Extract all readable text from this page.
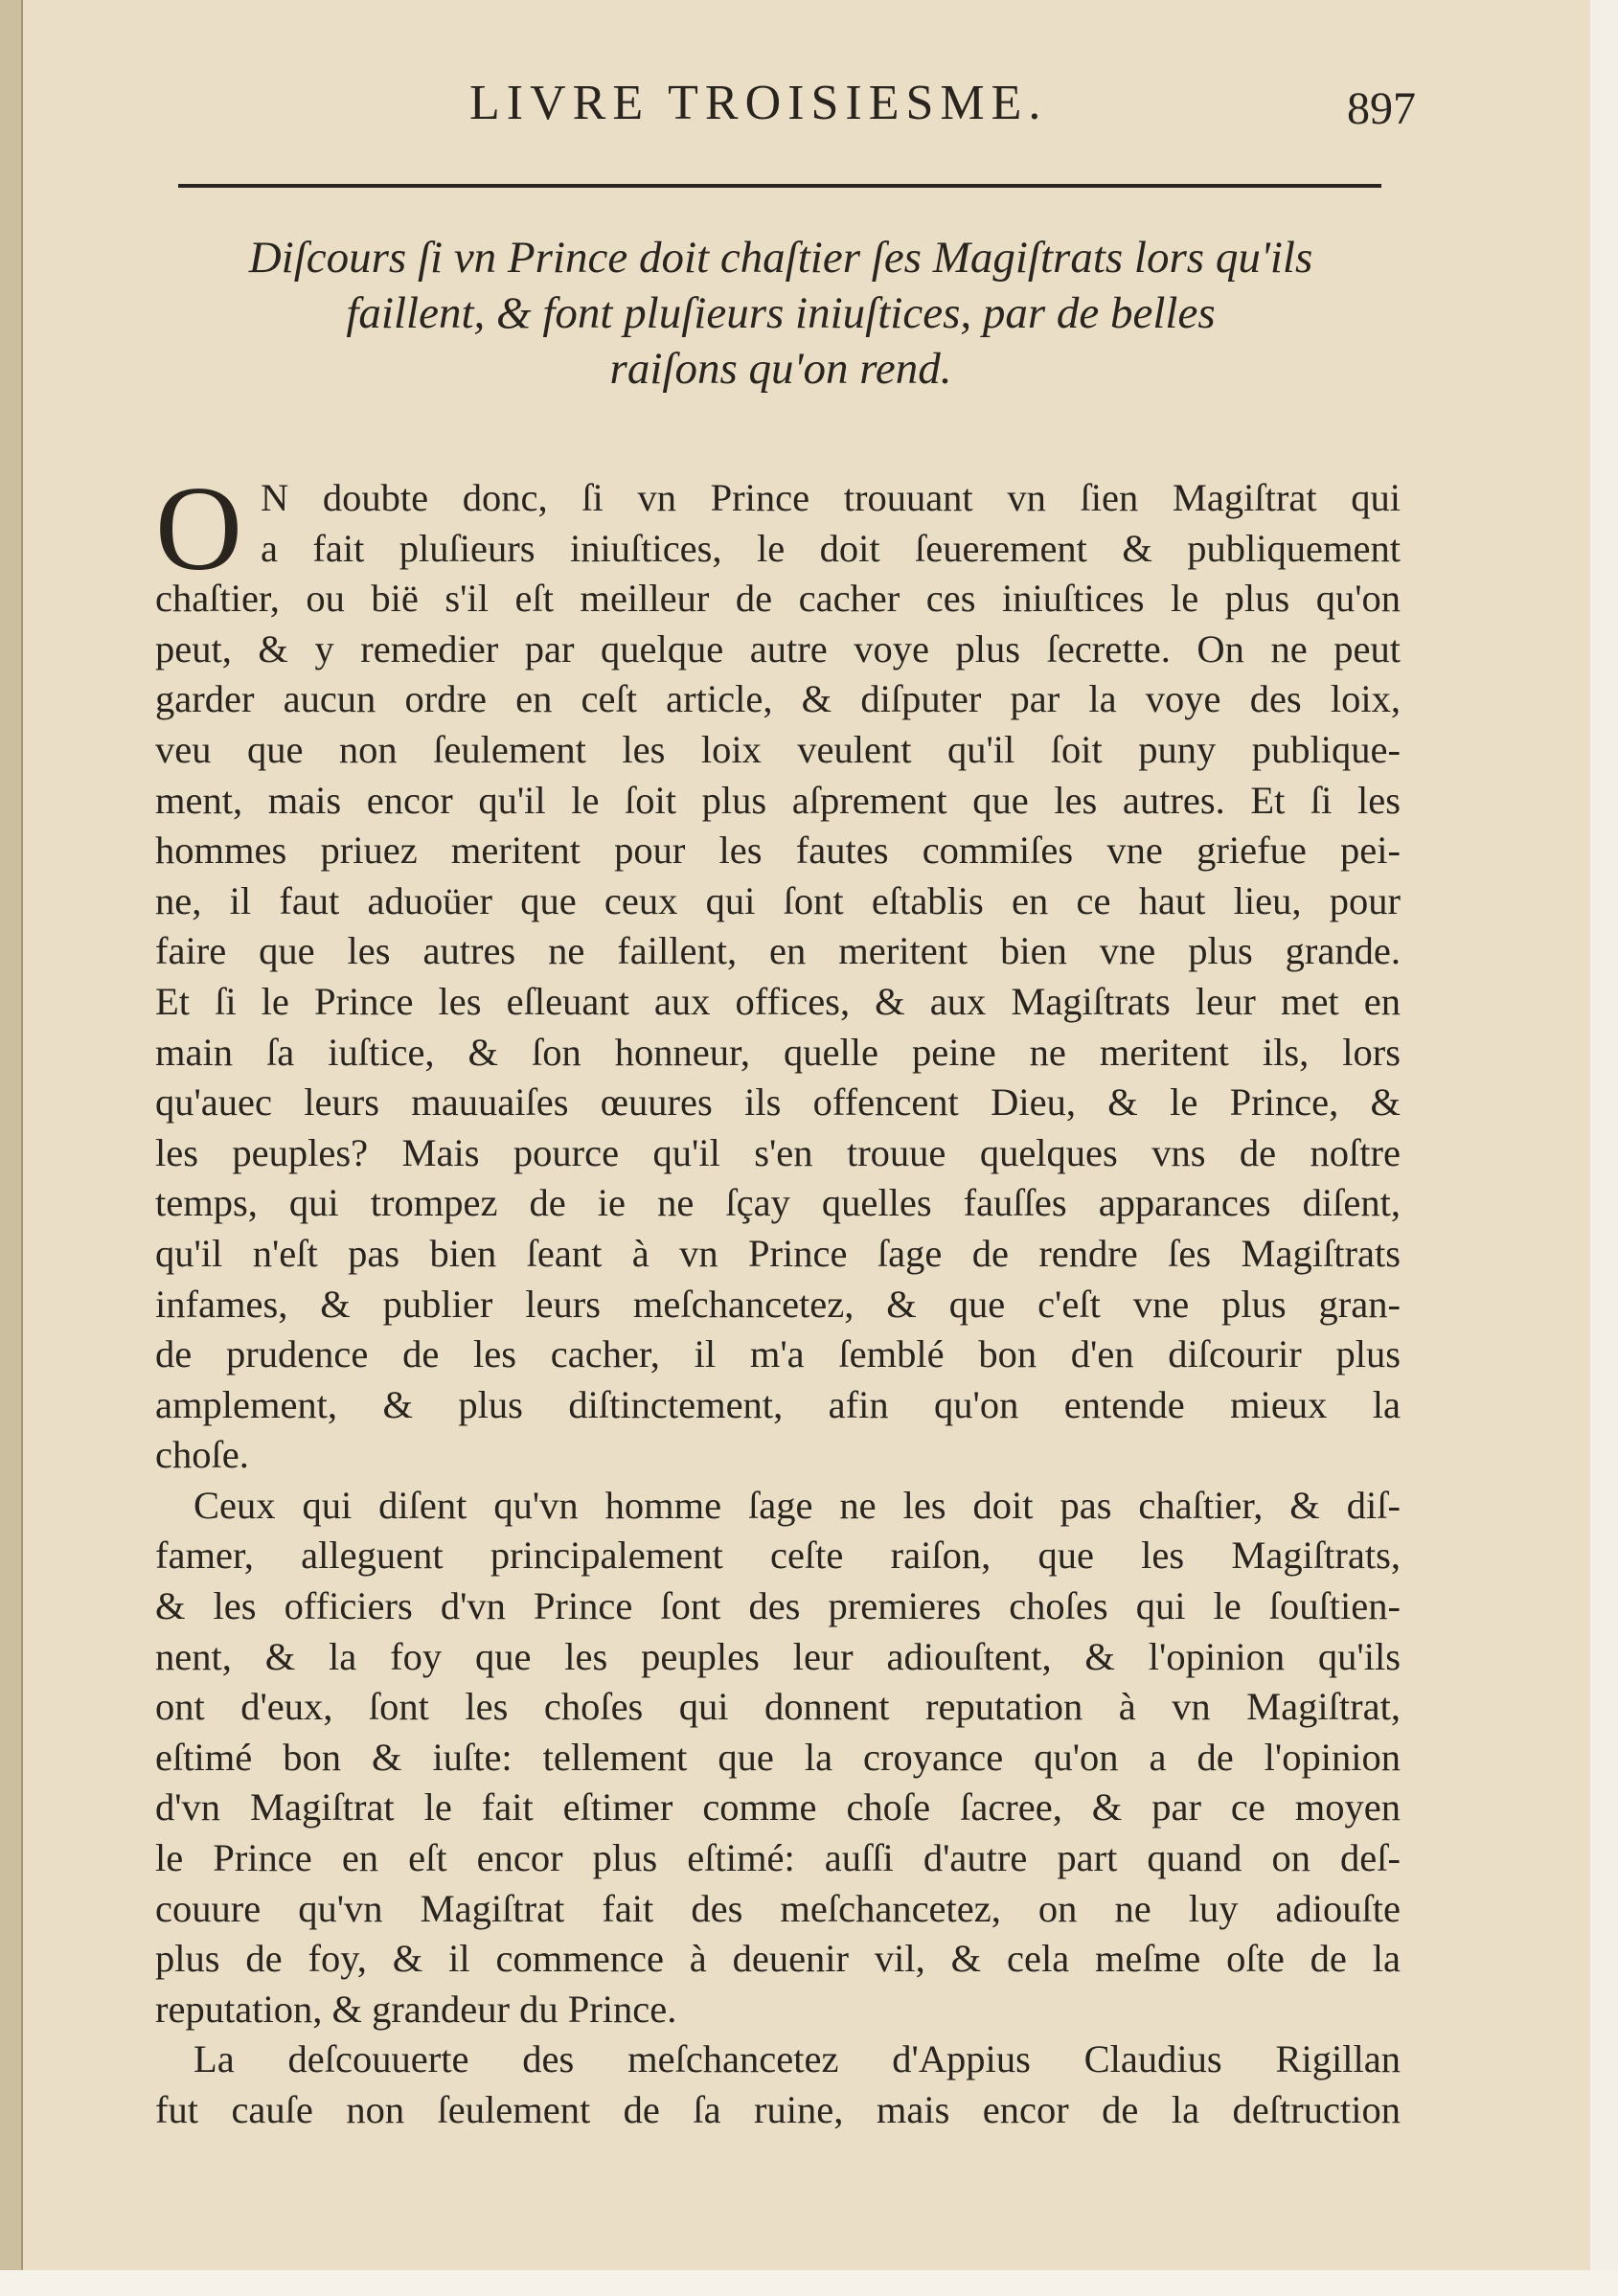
LIVRE TROISIESME.	897
Diſcours ſi vn Prince doit chaſtier ſes Magiſtrats lors qu'ils
faillent, & font pluſieurs iniuſtices, par de belles
raiſons qu'on rend.
O N doubte donc, ſi vn Prince trouuant vn ſien Magiſtrat qui
a fait pluſieurs iniuſtices, le doit ſeuerement & publiquement
chaſtier, ou bië s'il eſt meilleur de cacher ces iniuſtices le plus qu'on
peut, & y remedier par quelque autre voye plus ſecrette. On ne peut
garder aucun ordre en ceſt article, & diſputer par la voye des loix,
veu que non ſeulement les loix veulent qu'il ſoit puny publique-
ment, mais encor qu'il le ſoit plus aſprement que les autres. Et ſi les
hommes priuez meritent pour les fautes commiſes vne griefue pei-
ne, il faut aduoüer que ceux qui ſont eſtablis en ce haut lieu, pour
faire que les autres ne faillent, en meritent bien vne plus grande.
Et ſi le Prince les eſleuant aux offices, & aux Magiſtrats leur met en
main ſa iuſtice, & ſon honneur, quelle peine ne meritent ils, lors
qu'auec leurs mauuaiſes œuures ils offencent Dieu, & le Prince, &
les peuples? Mais pource qu'il s'en trouue quelques vns de noſtre
temps, qui trompez de ie ne ſçay quelles fauſſes apparances diſent,
qu'il n'eſt pas bien ſeant à vn Prince ſage de rendre ſes Magiſtrats
infames, & publier leurs meſchancetez, & que c'eſt vne plus gran-
de prudence de les cacher, il m'a ſemblé bon d'en diſcourir plus
amplement, & plus diſtinctement, afin qu'on entende mieux la
choſe.
Ceux qui diſent qu'vn homme ſage ne les doit pas chaſtier, & diſ-
famer, alleguent principalement ceſte raiſon, que les Magiſtrats,
& les officiers d'vn Prince ſont des premieres choſes qui le ſouſtien-
nent, & la foy que les peuples leur adiouſtent, & l'opinion qu'ils
ont d'eux, ſont les choſes qui donnent reputation à vn Magiſtrat,
eſtimé bon & iuſte: tellement que la croyance qu'on a de l'opinion
d'vn Magiſtrat le fait eſtimer comme choſe ſacree, & par ce moyen
le Prince en eſt encor plus eſtimé: auſſi d'autre part quand on deſ-
couure qu'vn Magiſtrat fait des meſchancetez, on ne luy adiouſte
plus de foy, & il commence à deuenir vil, & cela meſme oſte de la
reputation, & grandeur du Prince.
La deſcouuerte des meſchancetez d'Appius Claudius Rigillan
fut cauſe non ſeulement de ſa ruine, mais encor de la deſtruction
